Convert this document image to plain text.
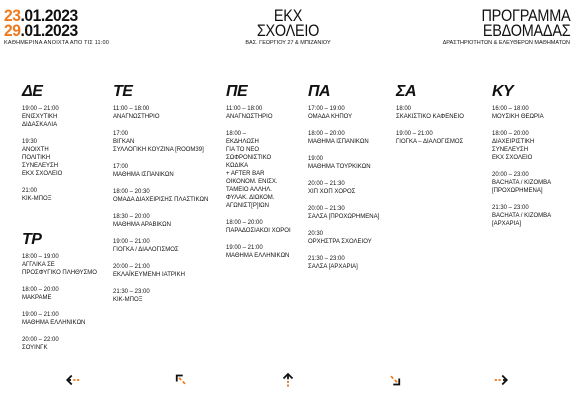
23.01.2023
29.01.2023
ΚΑΘΗΜΕΡΙΝΑ ΑΝΟΙΧΤΑ ΑΠΟ ΤΙΣ 11:00
ΕΚΧ
ΣΧΟΛΕΙΟ
ΒΑΣ. ΓΕΩΡΓΙΟΥ 27 & ΜΠΙΖΑΝΙΟΥ
ΠΡΟΓΡΑΜΜΑ
ΕΒΔΟΜΑΔΑΣ
ΔΡΑΣΤΗΡΙΟΤΗΤΩΝ & ΕΛΕΥΘΕΡΩΝ ΜΑΘΗΜΑΤΩΝ
ΔΕ
19:00 – 21:00
ΕΝΙΣΧΥΤΙΚΗ
ΔΙΔΑΣΚΑΛΙΑ
19:30
ΑΝΟΙΧΤΗ
ΠΟΛΙΤΙΚΗ
ΣΥΝΕΛΕΥΣΗ
ΕΚΧ ΣΧΟΛΕΙΟ
21:00
ΚΙΚ-ΜΠΟΞ
ΤΡ
18:00 – 19:00
ΑΓΓΛΙΚΑ ΣΕ
ΠΡΟΣΦΥΓΙΚΟ ΠΛΗΘΥΣΜΟ
18:00 – 20:00
ΜΑΚΡΑΜΕ
19:00 – 21:00
ΜΑΘΗΜΑ ΕΛΛΗΝΙΚΩΝ
20:00 – 22:00
ΣΟΥΙΝΓΚ
ΤΕ
11:00 – 18:00
ΑΝΑΓΝΩΣΤΗΡΙΟ
17:00
ΒΙΓΚΑΝ
ΣΥΛΛΟΓΙΚΗ ΚΟΥΖΙΝΑ [ROOM39]
17:00
ΜΑΘΗΜΑ ΙΣΠΑΝΙΚΩΝ
18:00 – 20:30
ΟΜΑΔΑ ΔΙΑΧΕΙΡΙΣΗΣ ΠΛΑΣΤΙΚΩΝ
18:30 – 20:00
ΜΑΘΗΜΑ ΑΡΑΒΙΚΩΝ
19:00 – 21:00
ΓΙΟΓΚΑ / ΔΙΑΛΟΓΙΣΜΟΣ
20:00 – 21:00
ΕΚΛΑΪΚΕΥΜΕΝΗ ΙΑΤΡΙΚΗ
21:30 – 23:00
ΚΙΚ-ΜΠΟΞ
ΠΕ
11:00 – 18:00
ΑΝΑΓΝΩΣΤΗΡΙΟ
18:00 –
ΕΚΔΗΛΩΣΗ
ΓΙΑ ΤΟ ΝΕΟ
ΣΩΦΡΟΝΙΣΤΙΚΟ
ΚΩΔΙΚΑ
+ AFTER BAR
ΟΙΚΟΝΟΜ. ΕΝΙΣΧ.
ΤΑΜΕΙΟ ΑΛΛΗΛ.
ΦΥΛΑΚ. ΔΙΩΚΟΜ.
ΑΓΩΝΙΣΤ[Ρ]ΙΩΝ
18:00 – 20:00
ΠΑΡΑΔΟΣΙΑΚΟΙ ΧΟΡΟΙ
19:00 – 21:00
ΜΑΘΗΜΑ ΕΛΛΗΝΙΚΩΝ
ΠΑ
17:00 – 19:00
ΟΜΑΔΑ ΚΗΠΟΥ
18:00 – 20:00
ΜΑΘΗΜΑ ΙΣΠΑΝΙΚΩΝ
19:00
ΜΑΘΗΜΑ ΤΟΥΡΚΙΚΩΝ
20:00 – 21:30
ΧΙΠ ΧΟΠ ΧΟΡΟΣ
20:00 – 21:30
ΣΑΛΣΑ [ΠΡΟΧΩΡΗΜΕΝΑ]
20:30
ΟΡΧΗΣΤΡΑ ΣΧΟΛΕΙΟΥ
21:30 – 23:00
ΣΑΛΣΑ [ΑΡΧΑΡΙΑ]
ΣΑ
18:00
ΣΚΑΚΙΣΤΙΚΟ ΚΑΦΕΝΕΙΟ
19:00 – 21:00
ΓΙΟΓΚΑ – ΔΙΑΛΟΓΙΣΜΟΣ
ΚΥ
16:00 – 18:00
ΜΟΥΣΙΚΗ ΘΕΩΡΙΑ
18:00 – 20:00
ΔΙΑΧΕΙΡΙΣΤΙΚΗ
ΣΥΝΕΛΕΥΣΗ
ΕΚΧ ΣΧΟΛΕΙΟ
20:00 – 23:00
BACHATA / KIZOMBA
[ΠΡΟΧΩΡΗΜΕΝΑ]
21:30 – 23:00
BACHATA / KIZOMBA
[ΑΡΧΑΡΙΑ]
